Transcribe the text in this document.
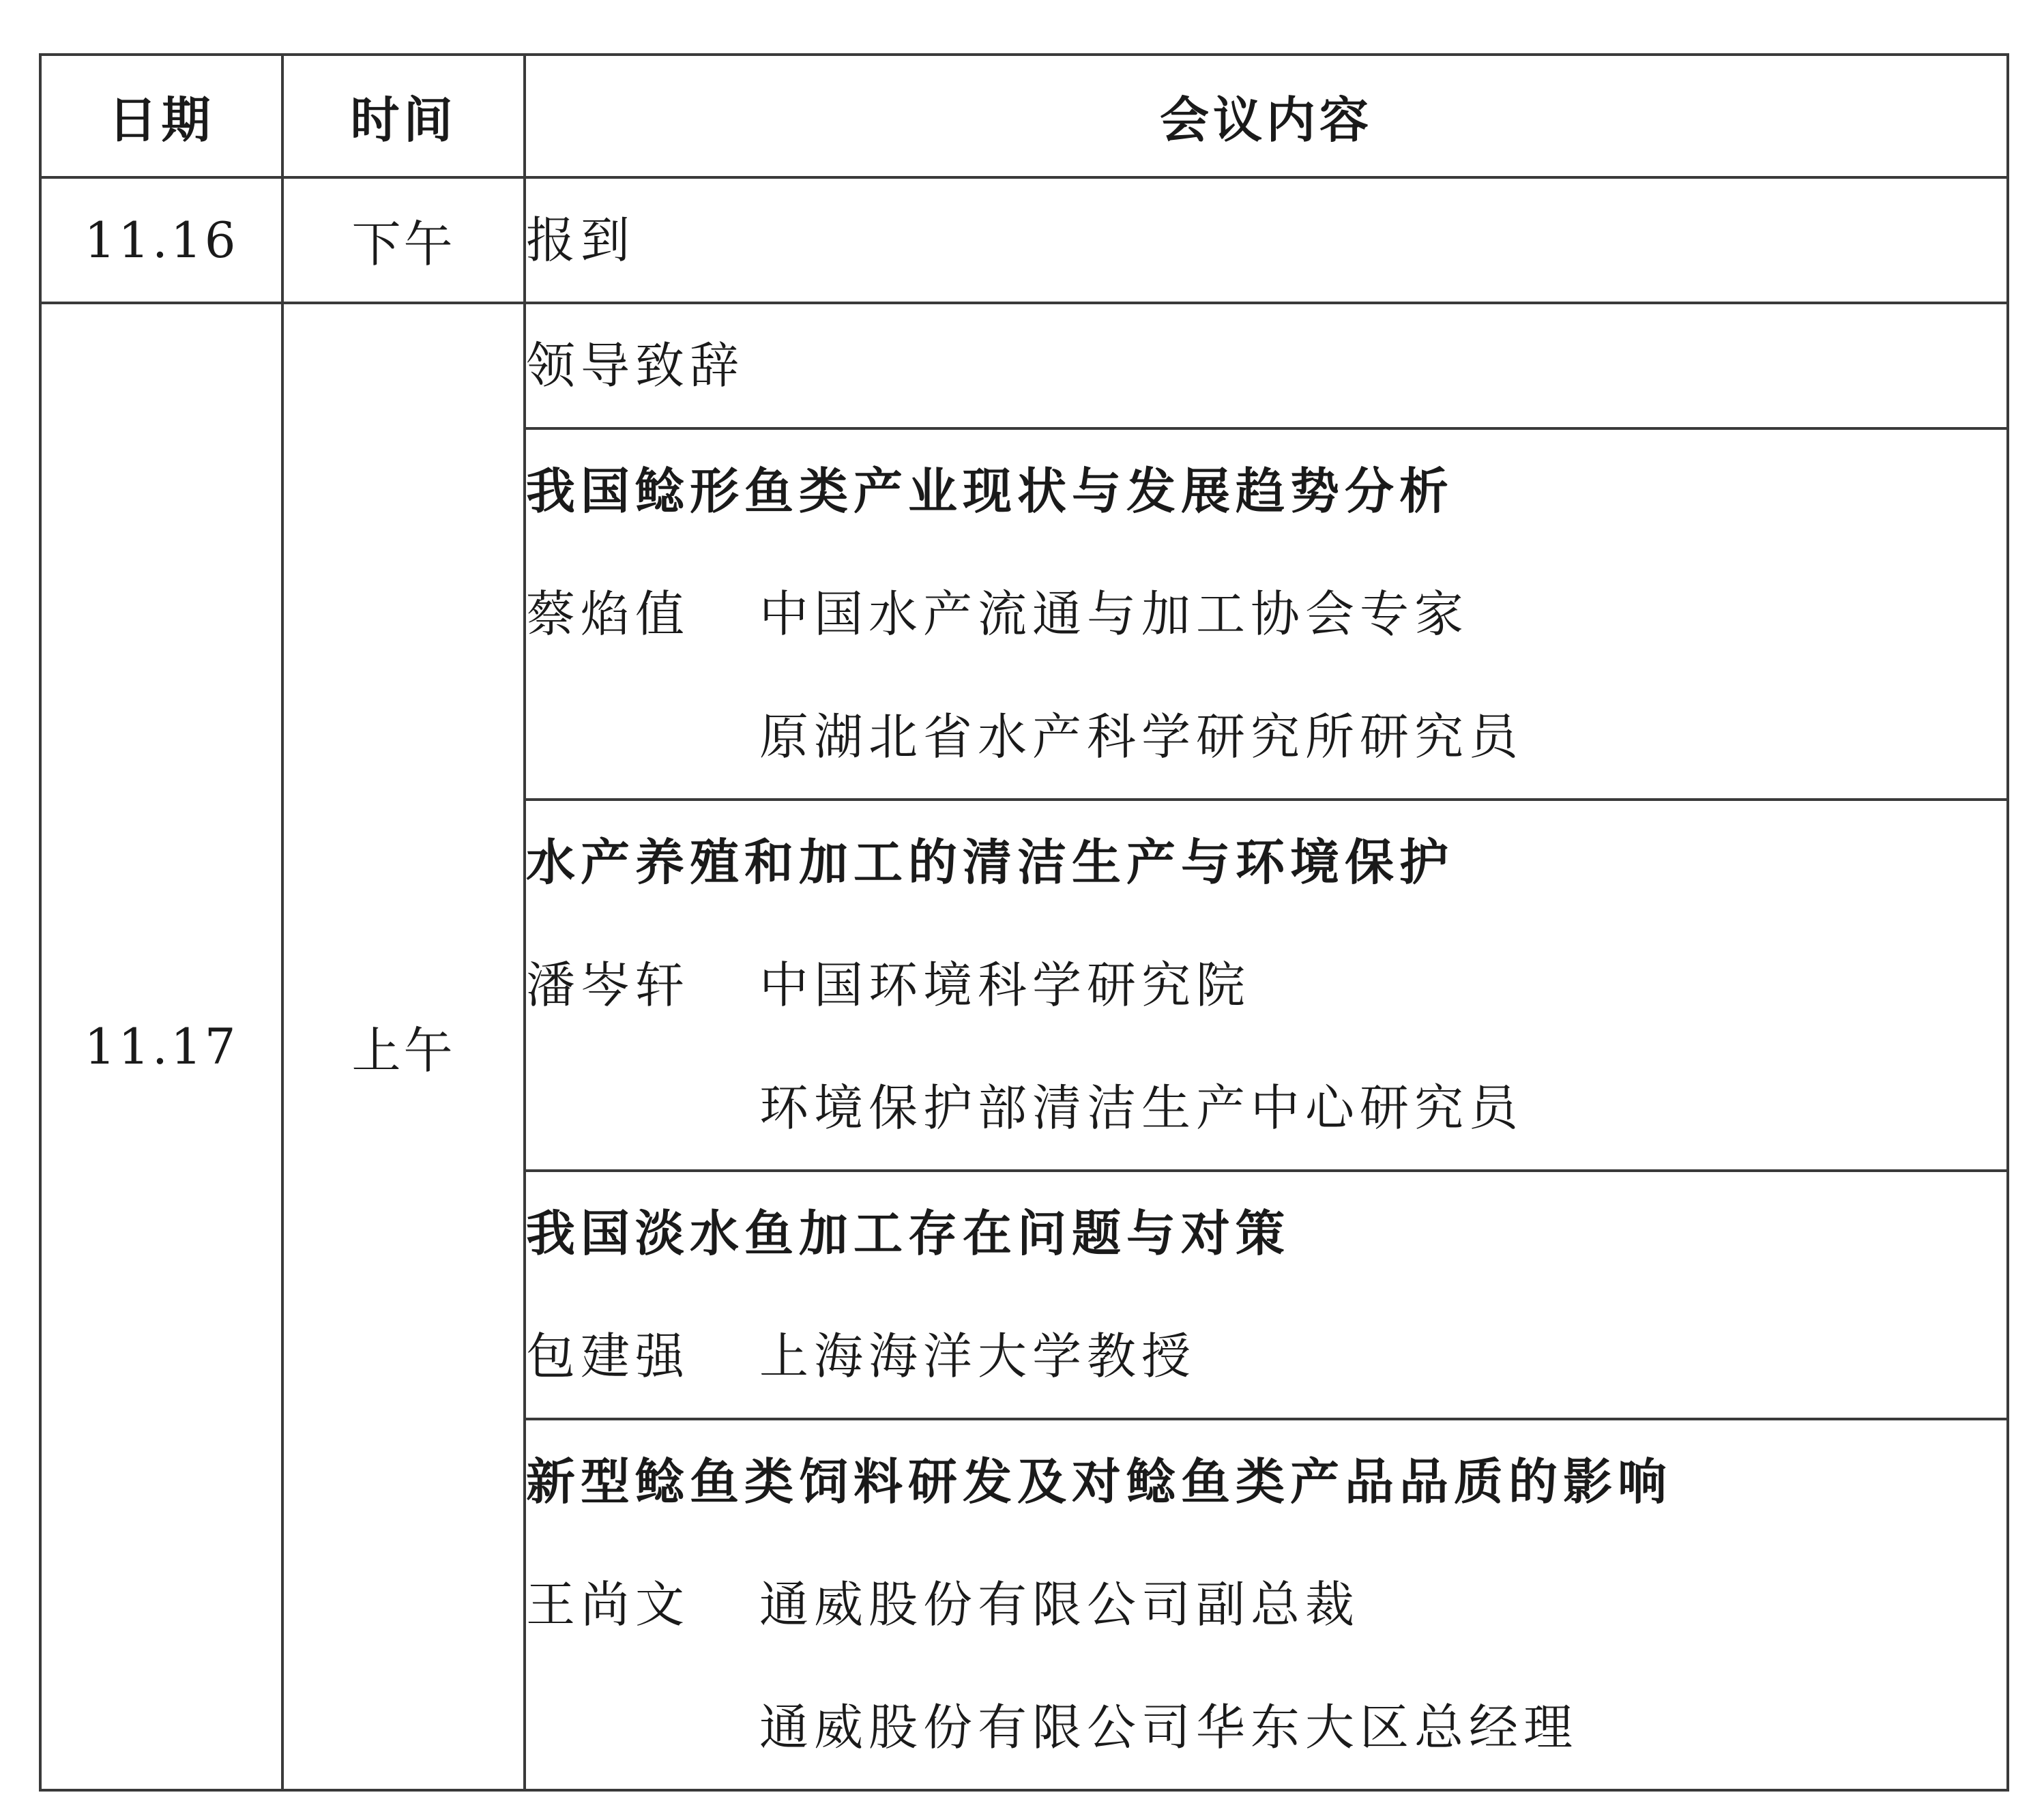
日期	时间	会议内容
11.16	下午	报到

11.17	上午	领导致辞

		我国鲶形鱼类产业现状与发展趋势分析
蔡焰值 中国水产流通与加工协会专家
原湖北省水产科学研究所研究员

		水产养殖和加工的清洁生产与环境保护
潘岑轩 中国环境科学研究院
环境保护部清洁生产中心研究员

		我国淡水鱼加工存在问题与对策
包建强 上海海洋大学教授

		新型鲶鱼类饲料研发及对鲶鱼类产品品质的影响
王尚文 通威股份有限公司副总裁
通威股份有限公司华东大区总经理
